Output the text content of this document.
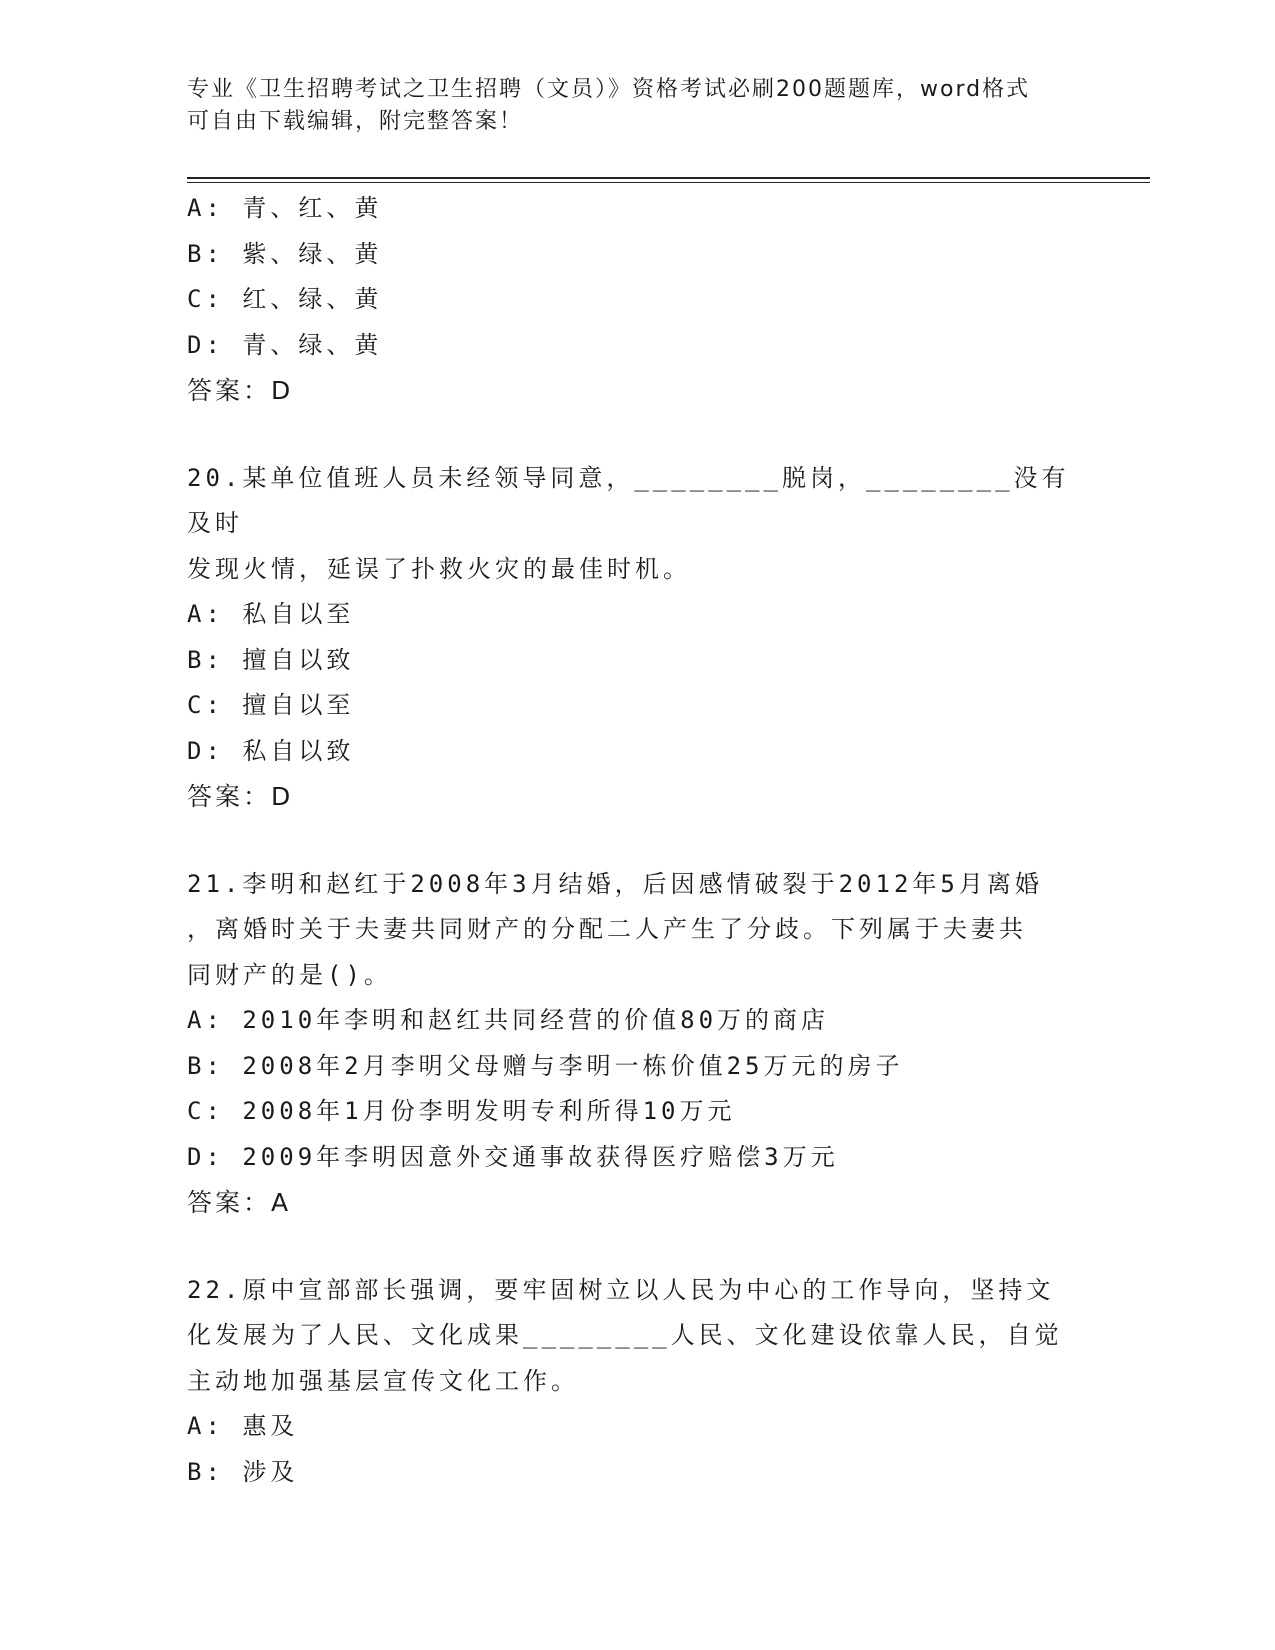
专业《卫生招聘考试之卫生招聘（文员）》资格考试必刷200题题库，word格式
可自由下载编辑，附完整答案！
A: 青、红、黄
B: 紫、绿、黄
C: 红、绿、黄
D: 青、绿、黄
答案：D
20.某单位值班人员未经领导同意，________脱岗，________没有及时
发现火情，延误了扑救火灾的最佳时机。
A: 私自以至
B: 擅自以致
C: 擅自以至
D: 私自以致
答案：D
21.李明和赵红于2008年3月结婚，后因感情破裂于2012年5月离婚
，离婚时关于夫妻共同财产的分配二人产生了分歧。下列属于夫妻共
同财产的是()。
A: 2010年李明和赵红共同经营的价值80万的商店
B: 2008年2月李明父母赠与李明一栋价值25万元的房子
C: 2008年1月份李明发明专利所得10万元
D: 2009年李明因意外交通事故获得医疗赔偿3万元
答案：A
22.原中宣部部长强调，要牢固树立以人民为中心的工作导向，坚持文
化发展为了人民、文化成果________人民、文化建设依靠人民，自觉
主动地加强基层宣传文化工作。
A: 惠及
B: 涉及
